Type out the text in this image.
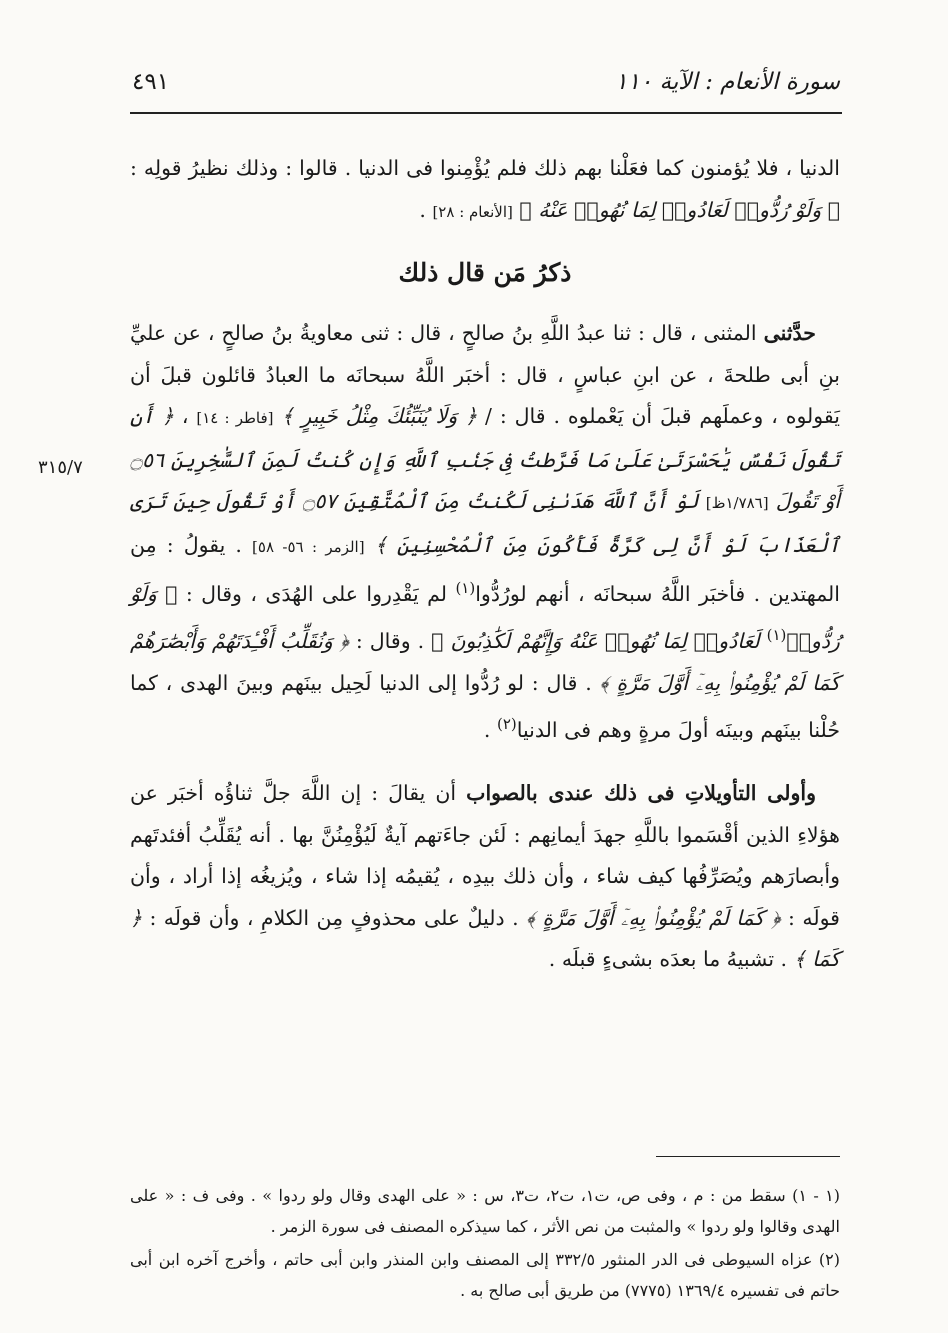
سورة الأنعام : الآية ١١٠
٤٩١
٣١٥/٧

الدنيا ، فلا يُؤمنون كما فعَلْنا بهم ذلك فلم يُؤْمِنوا فى الدنيا . قالوا : وذلك نظيرُ قولِه : ﴿ وَلَوْ رُدُّوا۟ لَعَادُوا۟ لِمَا نُهُوا۟ عَنْهُ ﴾ [الأنعام : ٢٨] .

ذكرُ مَن قال ذلك

حدَّثنى المثنى ، قال : ثنا عبدُ اللَّهِ بنُ صالحٍ ، قال : ثنى معاويةُ بنُ صالحٍ ، عن عليِّ بنِ أبى طلحةَ ، عن ابنِ عباسٍ ، قال : أخبَر اللَّهُ سبحانَه ما العبادُ قائلون قبلَ أن يَقولوه ، وعملَهم قبلَ أن يَعْملوه . قال : / ﴿ وَلَا يُنَبِّئُكَ مِثْلُ خَبِيرٍ ﴾ [فاطر : ١٤] ، ﴿ أَن تَقُولَ نَفْسٌ يَٰحَسْرَتَىٰ عَلَىٰ مَا فَرَّطتُ فِى جَنۢبِ ٱللَّهِ وَإِن كُنتُ لَمِنَ ٱلسَّٰخِرِينَ ۝٥٦ أَوْ تَقُولَ [١/٧٨٦ظ] لَوْ أَنَّ ٱللَّهَ هَدَىٰنِى لَكُنتُ مِنَ ٱلْمُتَّقِينَ ۝٥٧ أَوْ تَقُولَ حِينَ تَرَى ٱلْعَذَابَ لَوْ أَنَّ لِى كَرَّةً فَأَكُونَ مِنَ ٱلْمُحْسِنِينَ ﴾ [الزمر : ٥٦- ٥٨] . يقولُ : مِن المهتدين . فأخبَر اللَّهُ سبحانَه ، أنهم لورُدُّوا$^{(١)}$ لم يَقْدِروا على الهُدَى ، وقال : ﴿ وَلَوْ رُدُّوا۟$^{(١)}$ لَعَادُوا۟ لِمَا نُهُوا۟ عَنْهُ وَإِنَّهُمْ لَكَٰذِبُونَ ﴾ . وقال : ﴿ وَنُقَلِّبُ أَفْـِٔدَتَهُمْ وَأَبْصَٰرَهُمْ كَمَا لَمْ يُؤْمِنُوا۟ بِهِۦٓ أَوَّلَ مَرَّةٍ ﴾ . قال : لو رُدُّوا إلى الدنيا لَحِيل بينَهم وبينَ الهدى ، كما حُلْنا بينَهم وبينَه أولَ مرةٍ وهم فى الدنيا$^{(٢)}$ .

وأولى التأويلاتِ فى ذلك عندى بالصواب أن يقالَ : إن اللَّهَ جلَّ ثناؤُه أخبَر عن هؤلاءِ الذين أقْسَموا باللَّهِ جهدَ أيمانِهم : لَئن جاءَتهم آيةٌ لَيُؤْمِنُنَّ بها . أنه يُقَلِّبُ أفئدتَهم وأبصارَهم ويُصَرِّفُها كيف شاء ، وأن ذلك بيدِه ، يُقيمُه إذا شاء ، ويُزيغُه إذا أراد ، وأن قولَه : ﴿ كَمَا لَمْ يُؤْمِنُوا۟ بِهِۦٓ أَوَّلَ مَرَّةٍ ﴾ . دليلٌ على محذوفٍ مِن الكلامِ ، وأن قولَه : ﴿ كَمَا ﴾ . تشبيهُ ما بعدَه بشىءٍ قبلَه .

(١ - ١) سقط من : م ، وفى ص، ت١، ت٢، ت٣، س : « على الهدى وقال ولو ردوا » . وفى ف : « على الهدى وقالوا ولو ردوا » والمثبت من نص الأثر ، كما سيذكره المصنف فى سورة الزمر .

(٢) عزاه السيوطى فى الدر المنثور ٣٣٢/٥ إلى المصنف وابن المنذر وابن أبى حاتم ، وأخرج آخره ابن أبى حاتم فى تفسيره ١٣٦٩/٤ (٧٧٧٥) من طريق أبى صالح به .
